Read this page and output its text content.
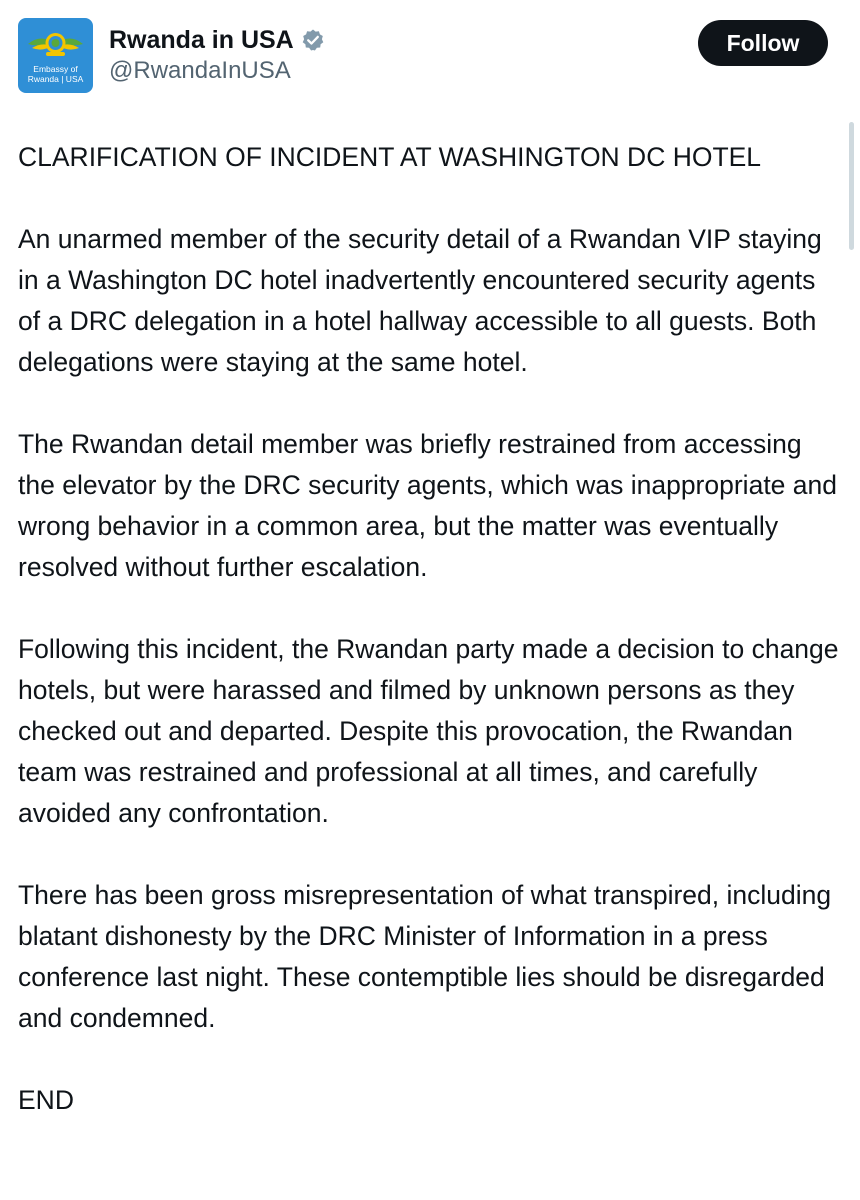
Embassy of
Rwanda | USA
Rwanda in USA
@RwandaInUSA
Follow

CLARIFICATION OF INCIDENT AT WASHINGTON DC HOTEL

An unarmed member of the security detail of a Rwandan VIP staying in a Washington DC hotel inadvertently encountered security agents of a DRC delegation in a hotel hallway accessible to all guests. Both delegations were staying at the same hotel.

The Rwandan detail member was briefly restrained from accessing the elevator by the DRC security agents, which was inappropriate and wrong behavior in a common area, but the matter was eventually resolved without further escalation.

Following this incident, the Rwandan party made a decision to change hotels, but were harassed and filmed by unknown persons as they checked out and departed. Despite this provocation, the Rwandan team was restrained and professional at all times, and carefully avoided any confrontation.

There has been gross misrepresentation of what transpired, including blatant dishonesty by the DRC Minister of Information in a press conference last night. These contemptible lies should be disregarded and condemned.

END
